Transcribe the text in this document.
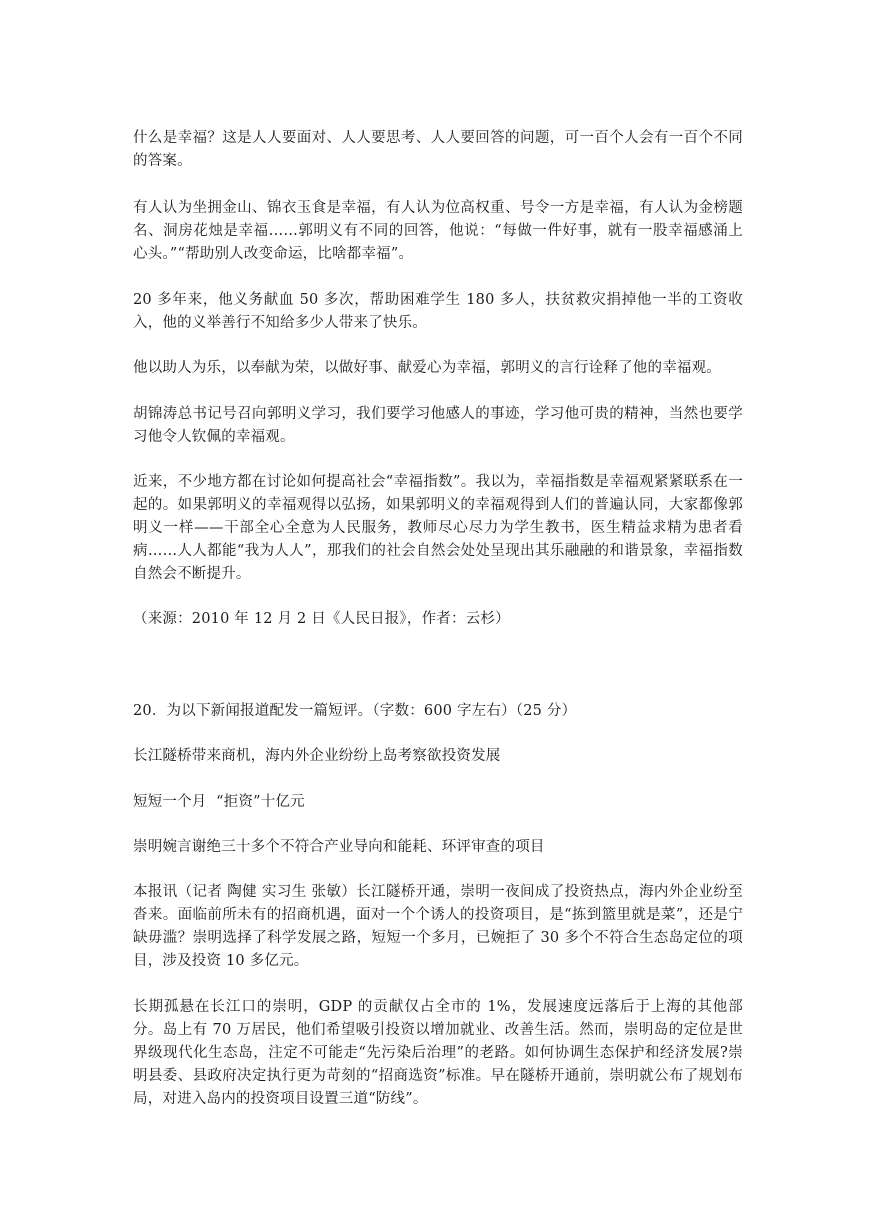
什么是幸福？这是人人要面对、人人要思考、人人要回答的问题，可一百个人会有一百个不同的答案。

有人认为坐拥金山、锦衣玉食是幸福，有人认为位高权重、号令一方是幸福，有人认为金榜题名、洞房花烛是幸福……郭明义有不同的回答，他说：“每做一件好事，就有一股幸福感涌上心头。”“帮助别人改变命运，比啥都幸福”。

20 多年来，他义务献血 50 多次，帮助困难学生 180 多人，扶贫救灾捐掉他一半的工资收入，他的义举善行不知给多少人带来了快乐。

他以助人为乐，以奉献为荣，以做好事、献爱心为幸福，郭明义的言行诠释了他的幸福观。

胡锦涛总书记号召向郭明义学习，我们要学习他感人的事迹，学习他可贵的精神，当然也要学习他令人钦佩的幸福观。

近来，不少地方都在讨论如何提高社会“幸福指数”。我以为，幸福指数是幸福观紧紧联系在一起的。如果郭明义的幸福观得以弘扬，如果郭明义的幸福观得到人们的普遍认同，大家都像郭明义一样——干部全心全意为人民服务，教师尽心尽力为学生教书，医生精益求精为患者看病……人人都能“我为人人”，那我们的社会自然会处处呈现出其乐融融的和谐景象，幸福指数自然会不断提升。

（来源：2010 年 12 月 2 日《人民日报》，作者：云杉）

20．为以下新闻报道配发一篇短评。（字数：600 字左右）（25 分）

长江隧桥带来商机，海内外企业纷纷上岛考察欲投资发展

短短一个月  “拒资”十亿元

崇明婉言谢绝三十多个不符合产业导向和能耗、环评审查的项目

本报讯（记者 陶健 实习生 张敏）长江隧桥开通，崇明一夜间成了投资热点，海内外企业纷至沓来。面临前所未有的招商机遇，面对一个个诱人的投资项目，是“拣到篮里就是菜”，还是宁缺毋滥？崇明选择了科学发展之路，短短一个多月，已婉拒了 30 多个不符合生态岛定位的项目，涉及投资 10 多亿元。

长期孤悬在长江口的崇明，GDP 的贡献仅占全市的 1%，发展速度远落后于上海的其他部分。岛上有 70 万居民，他们希望吸引投资以增加就业、改善生活。然而，崇明岛的定位是世界级现代化生态岛，注定不可能走“先污染后治理”的老路。如何协调生态保护和经济发展?崇明县委、县政府决定执行更为苛刻的“招商选资”标准。早在隧桥开通前，崇明就公布了规划布局，对进入岛内的投资项目设置三道“防线”。
